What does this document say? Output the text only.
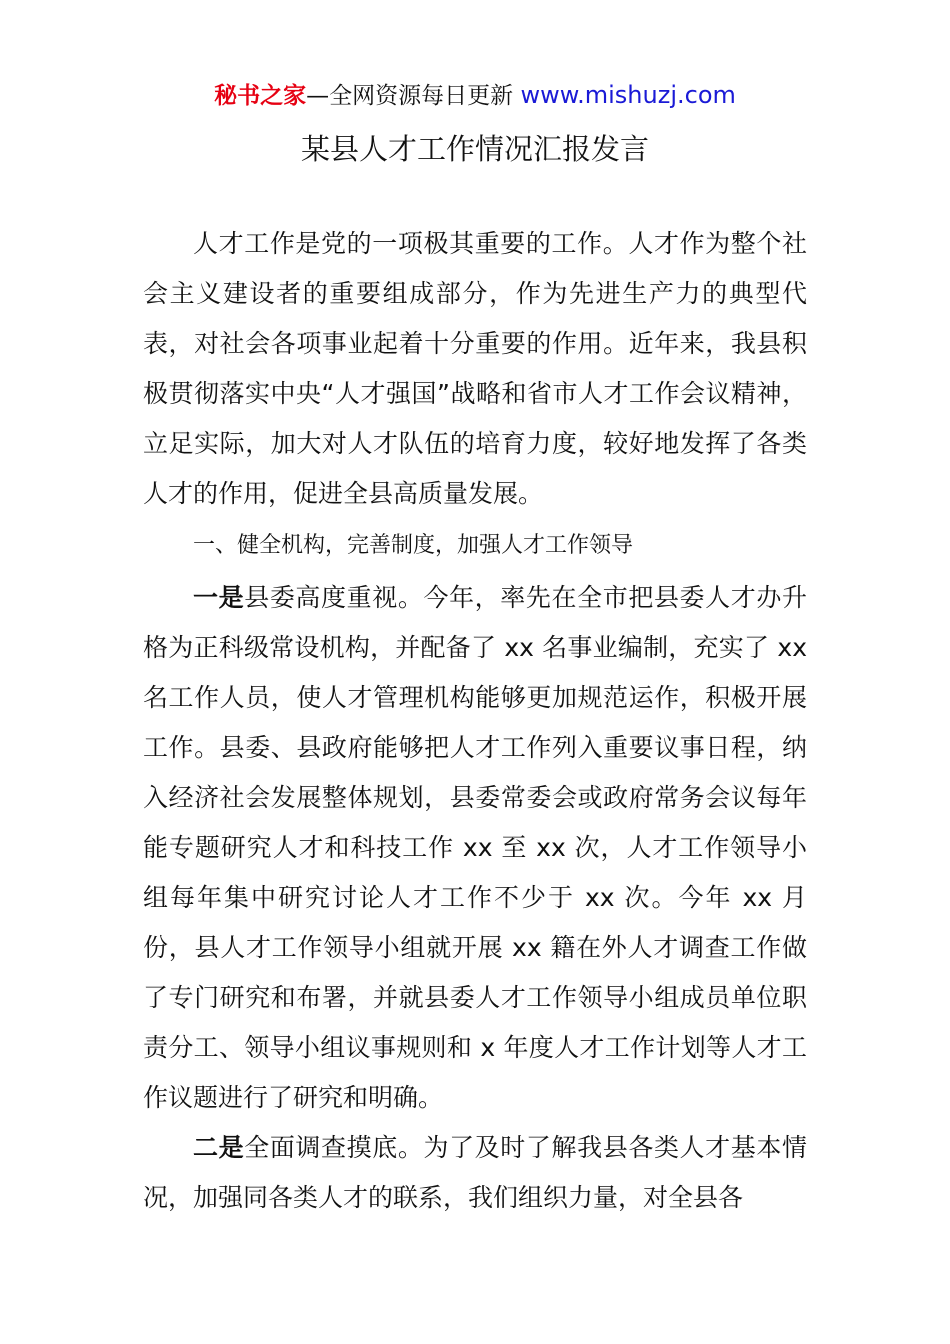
秘书之家—全网资源每日更新 www.mishuzj.com
某县人才工作情况汇报发言

人才工作是党的一项极其重要的工作。人才作为整个社会主义建设者的重要组成部分，作为先进生产力的典型代表，对社会各项事业起着十分重要的作用。近年来，我县积极贯彻落实中央“人才强国”战略和省市人才工作会议精神，立足实际，加大对人才队伍的培育力度，较好地发挥了各类人才的作用，促进全县高质量发展。

一、健全机构，完善制度，加强人才工作领导

一是县委高度重视。今年，率先在全市把县委人才办升格为正科级常设机构，并配备了 xx 名事业编制，充实了 xx 名工作人员，使人才管理机构能够更加规范运作，积极开展工作。县委、县政府能够把人才工作列入重要议事日程，纳入经济社会发展整体规划，县委常委会或政府常务会议每年能专题研究人才和科技工作 xx 至 xx 次，人才工作领导小组每年集中研究讨论人才工作不少于 xx 次。今年 xx 月份，县人才工作领导小组就开展 xx 籍在外人才调查工作做了专门研究和布署，并就县委人才工作领导小组成员单位职责分工、领导小组议事规则和 x 年度人才工作计划等人才工作议题进行了研究和明确。

二是全面调查摸底。为了及时了解我县各类人才基本情况，加强同各类人才的联系，我们组织力量，对全县各
